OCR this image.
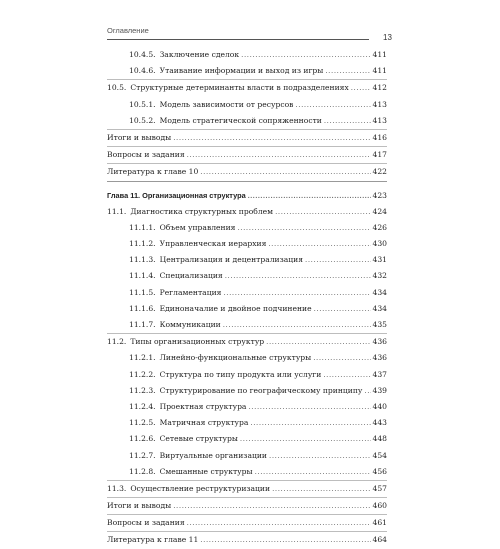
Оглавление
13
10.4.5. Заключение сделок .....	411
10.4.6. Утаивание информации и выход из игры .....	411
10.5. Структурные детерминанты власти в подразделениях .....	412
10.5.1. Модель зависимости от ресурсов .....	413
10.5.2. Модель стратегической сопряженности .....	413
Итоги и выводы .....	416
Вопросы и задания .....	417
Литература к главе 10 .....	422
Глава 11. Организационная структура .....	423
11.1. Диагностика структурных проблем .....	424
11.1.1. Объем управления .....	426
11.1.2. Управленческая иерархия .....	430
11.1.3. Централизация и децентрализация .....	431
11.1.4. Специализация .....	432
11.1.5. Регламентация .....	434
11.1.6. Единоначалие и двойное подчинение .....	434
11.1.7. Коммуникации .....	435
11.2. Типы организационных структур .....	436
11.2.1. Линейно-функциональные структуры .....	436
11.2.2. Структура по типу продукта или услуги .....	437
11.2.3. Структурирование по географическому принципу ..... 439
11.2.4. Проектная структура .....	440
11.2.5. Матричная структура .....	443
11.2.6. Сетевые структуры .....	448
11.2.7. Виртуальные организации .....	454
11.2.8. Смешанные структуры .....	456
11.3. Осуществление реструктуризации .....	457
Итоги и выводы .....	460
Вопросы и задания .....	461
Литература к главе 11 .....	464
